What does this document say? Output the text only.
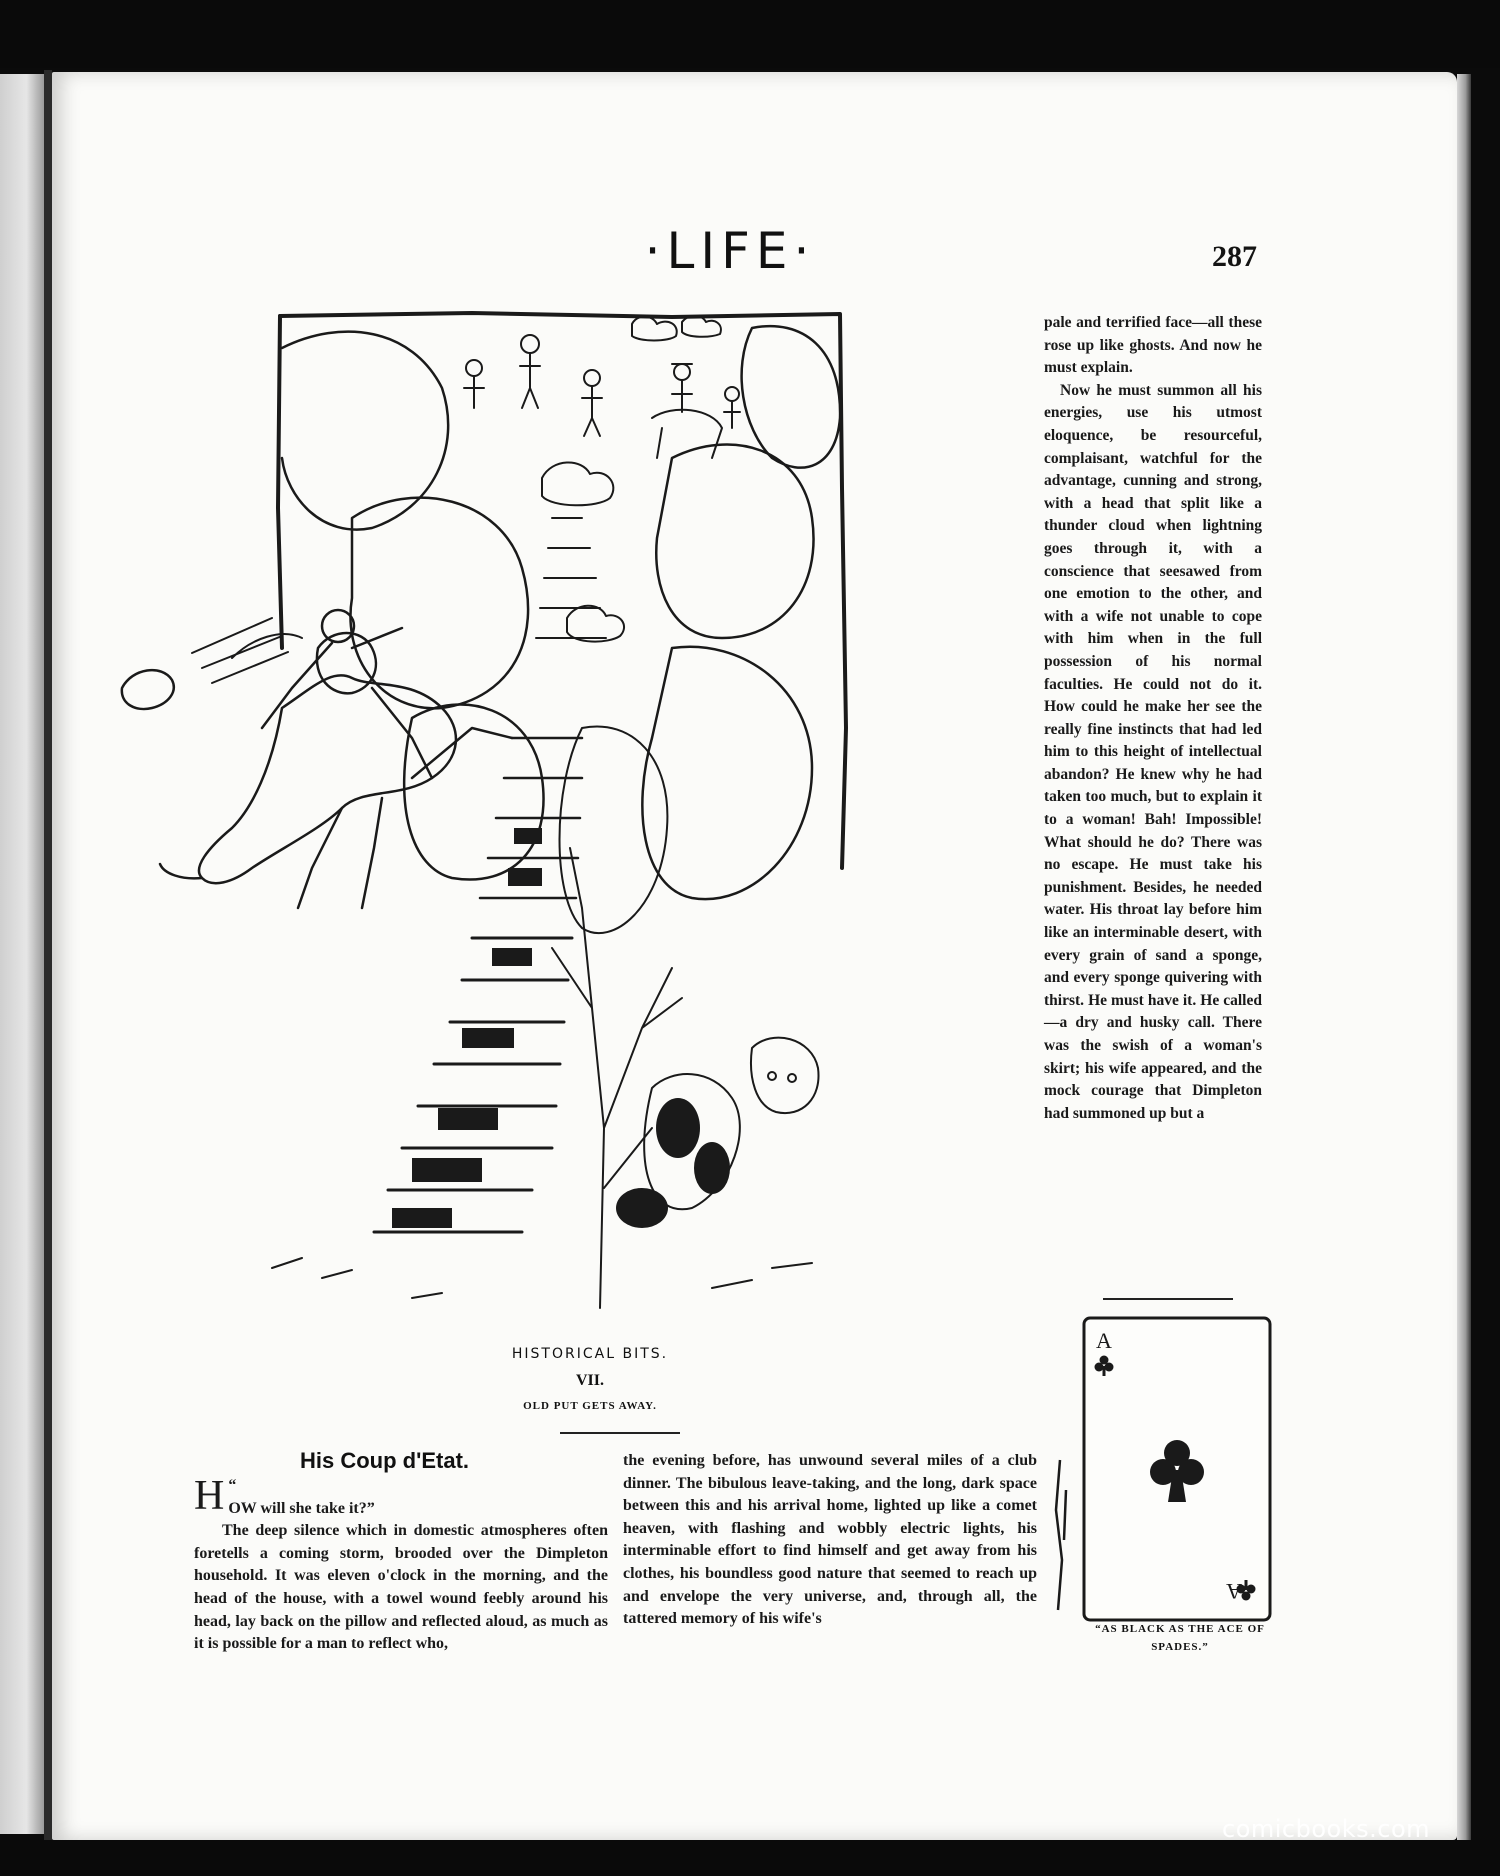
·LIFE·	287
HISTORICAL BITS.
VII.
OLD PUT GETS AWAY.
His Coup d'Etat.

“
H OW will she take it?”

The deep silence which in domestic atmospheres often foretells a coming storm, brooded over the Dimpleton household. It was eleven o'clock in the morning, and the head of the house, with a towel wound feebly around his head, lay back on the pillow and reflected aloud, as much as it is possible for a man to reflect who,

the evening before, has unwound several miles of a club dinner. The bibulous leave-taking, and the long, dark space between this and his arrival home, lighted up like a comet heaven, with flashing and wobbly electric lights, his interminable effort to find himself and get away from his clothes, his boundless good nature that seemed to reach up and envelope the very universe, and, through all, the tattered memory of his wife's

pale and terrified face—all these rose up like ghosts. And now he must explain.

Now he must summon all his energies, use his utmost eloquence, be resourceful, complaisant, watchful for the advantage, cunning and strong, with a head that split like a thunder cloud when lightning goes through it, with a conscience that seesawed from one emotion to the other, and with a wife not unable to cope with him when in the full possession of his normal faculties. He could not do it. How could he make her see the really fine instincts that had led him to this height of intellectual abandon? He knew why he had taken too much, but to explain it to a woman! Bah! Impossible! What should he do? There was no escape. He must take his punishment. Besides, he needed water. His throat lay before him like an interminable desert, with every grain of sand a sponge, and every sponge quivering with thirst. He must have it. He called—a dry and husky call. There was the swish of a woman's skirt; his wife appeared, and the mock courage that Dimpleton had summoned up but a

A
A
“AS BLACK AS THE ACE OF SPADES.”
comicbooks.com
